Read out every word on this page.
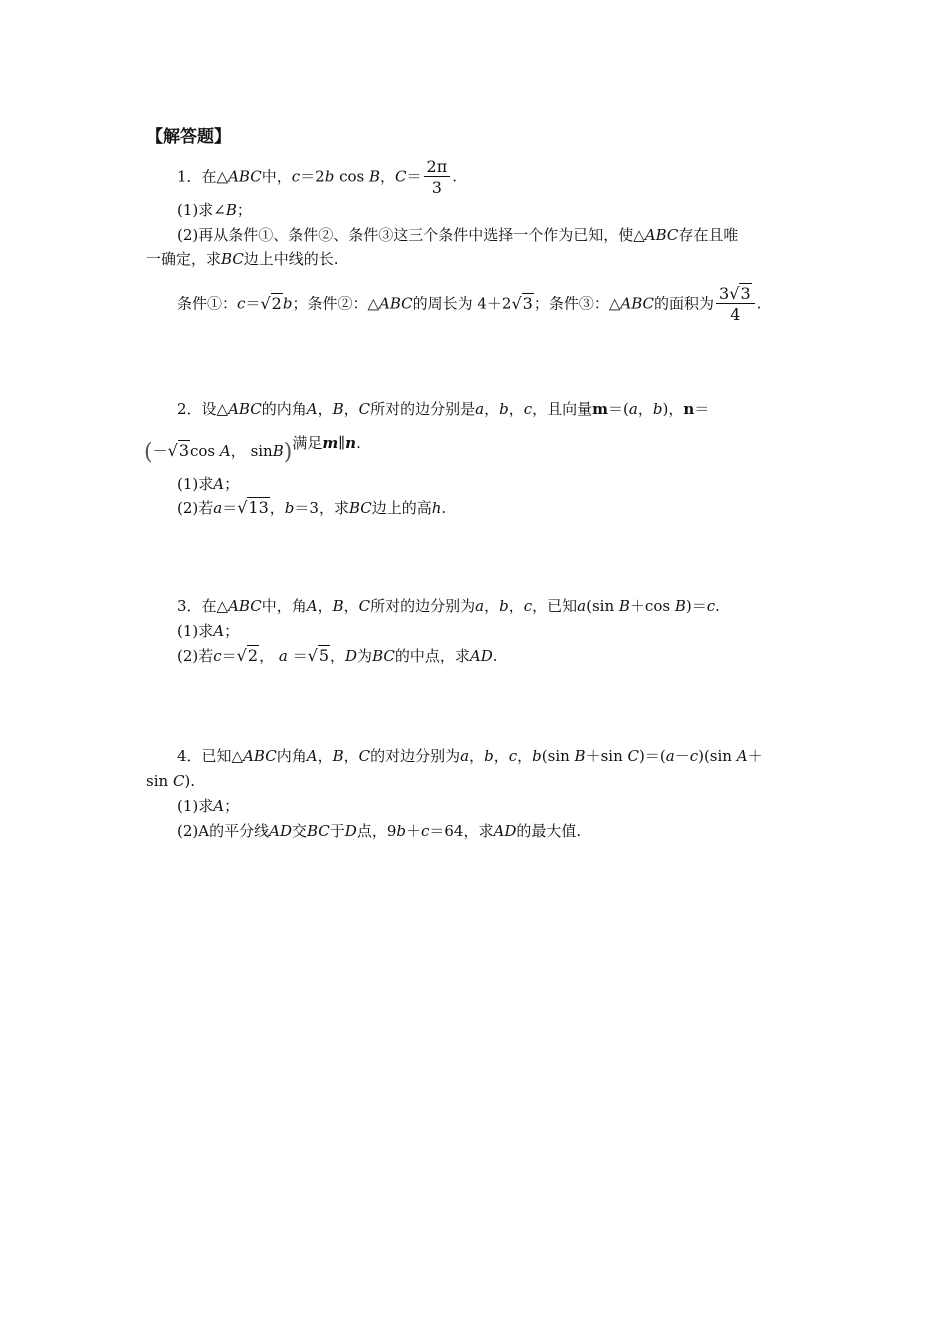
【解答题】
1．在△ABC中，c＝2b cos B，$C= \frac{2\pi}{3}$ .
(1)求∠B；
(2)再从条件①、条件②、条件③这三个条件中选择一个作为已知，使△ABC存在且唯
一确定，求BC边上中线的长.
条件①：c＝√2b；条件②：△ABC的周长为 4＋2√3；条件③：△ABC的面积为 $\frac{3√3}{4}$ .
2．设△ABC的内角A，B，C所对的边分别是a，b，c，且向量m＝(a，b)，n＝
(－√3cos A， sinB)满足m∥n.
(1)求A；
(2)若a＝√13，b＝3，求BC边上的高h.
3．在△ABC中，角A，B，C所对的边分别为a，b，c，已知a(sin B＋cos B)＝c.
(1)求A；
(2)若c＝√2， a ＝√5，D为BC的中点，求AD.
4．已知△ABC内角A，B，C的对边分别为a，b，c，b(sin B＋sin C)＝(a－c)(sin A＋
sin C).
(1)求A；
(2)A的平分线AD交BC于D点，9b＋c＝64，求AD的最大值.
